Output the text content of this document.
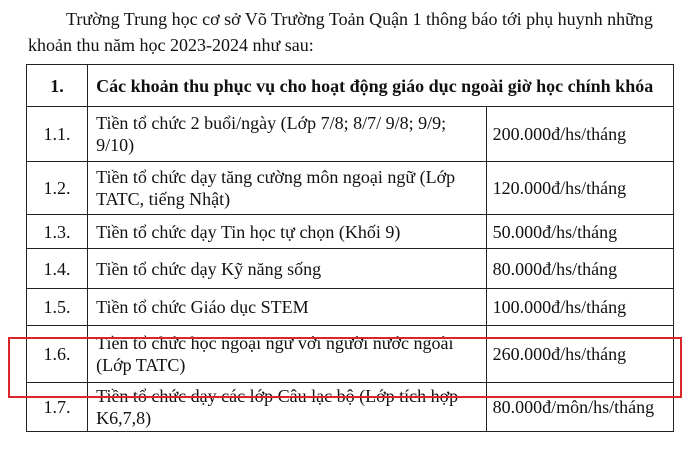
Trường Trung học cơ sở Võ Trường Toản Quận 1 thông báo tới phụ huynh những khoản thu năm học 2023-2024 như sau:

1.	Các khoản thu phục vụ cho hoạt động giáo dục ngoài giờ học chính khóa	
1.1.	Tiền tổ chức 2 buổi/ngày (Lớp 7/8; 8/7/ 9/8; 9/9; 9/10)	200.000đ/hs/tháng
1.2.	Tiền tổ chức dạy tăng cường môn ngoại ngữ (Lớp TATC, tiếng Nhật)	120.000đ/hs/tháng
1.3.	Tiền tổ chức dạy Tin học tự chọn (Khối 9)	50.000đ/hs/tháng
1.4.	Tiền tổ chức dạy Kỹ năng sống	80.000đ/hs/tháng
1.5.	Tiền tổ chức Giáo dục STEM	100.000đ/hs/tháng
1.6.	Tiền tổ chức học ngoại ngữ với người nước ngoài (Lớp TATC)	260.000đ/hs/tháng
1.7.	Tiền tổ chức dạy các lớp Câu lạc bộ (Lớp tích hợp K6,7,8)	80.000đ/môn/hs/tháng
